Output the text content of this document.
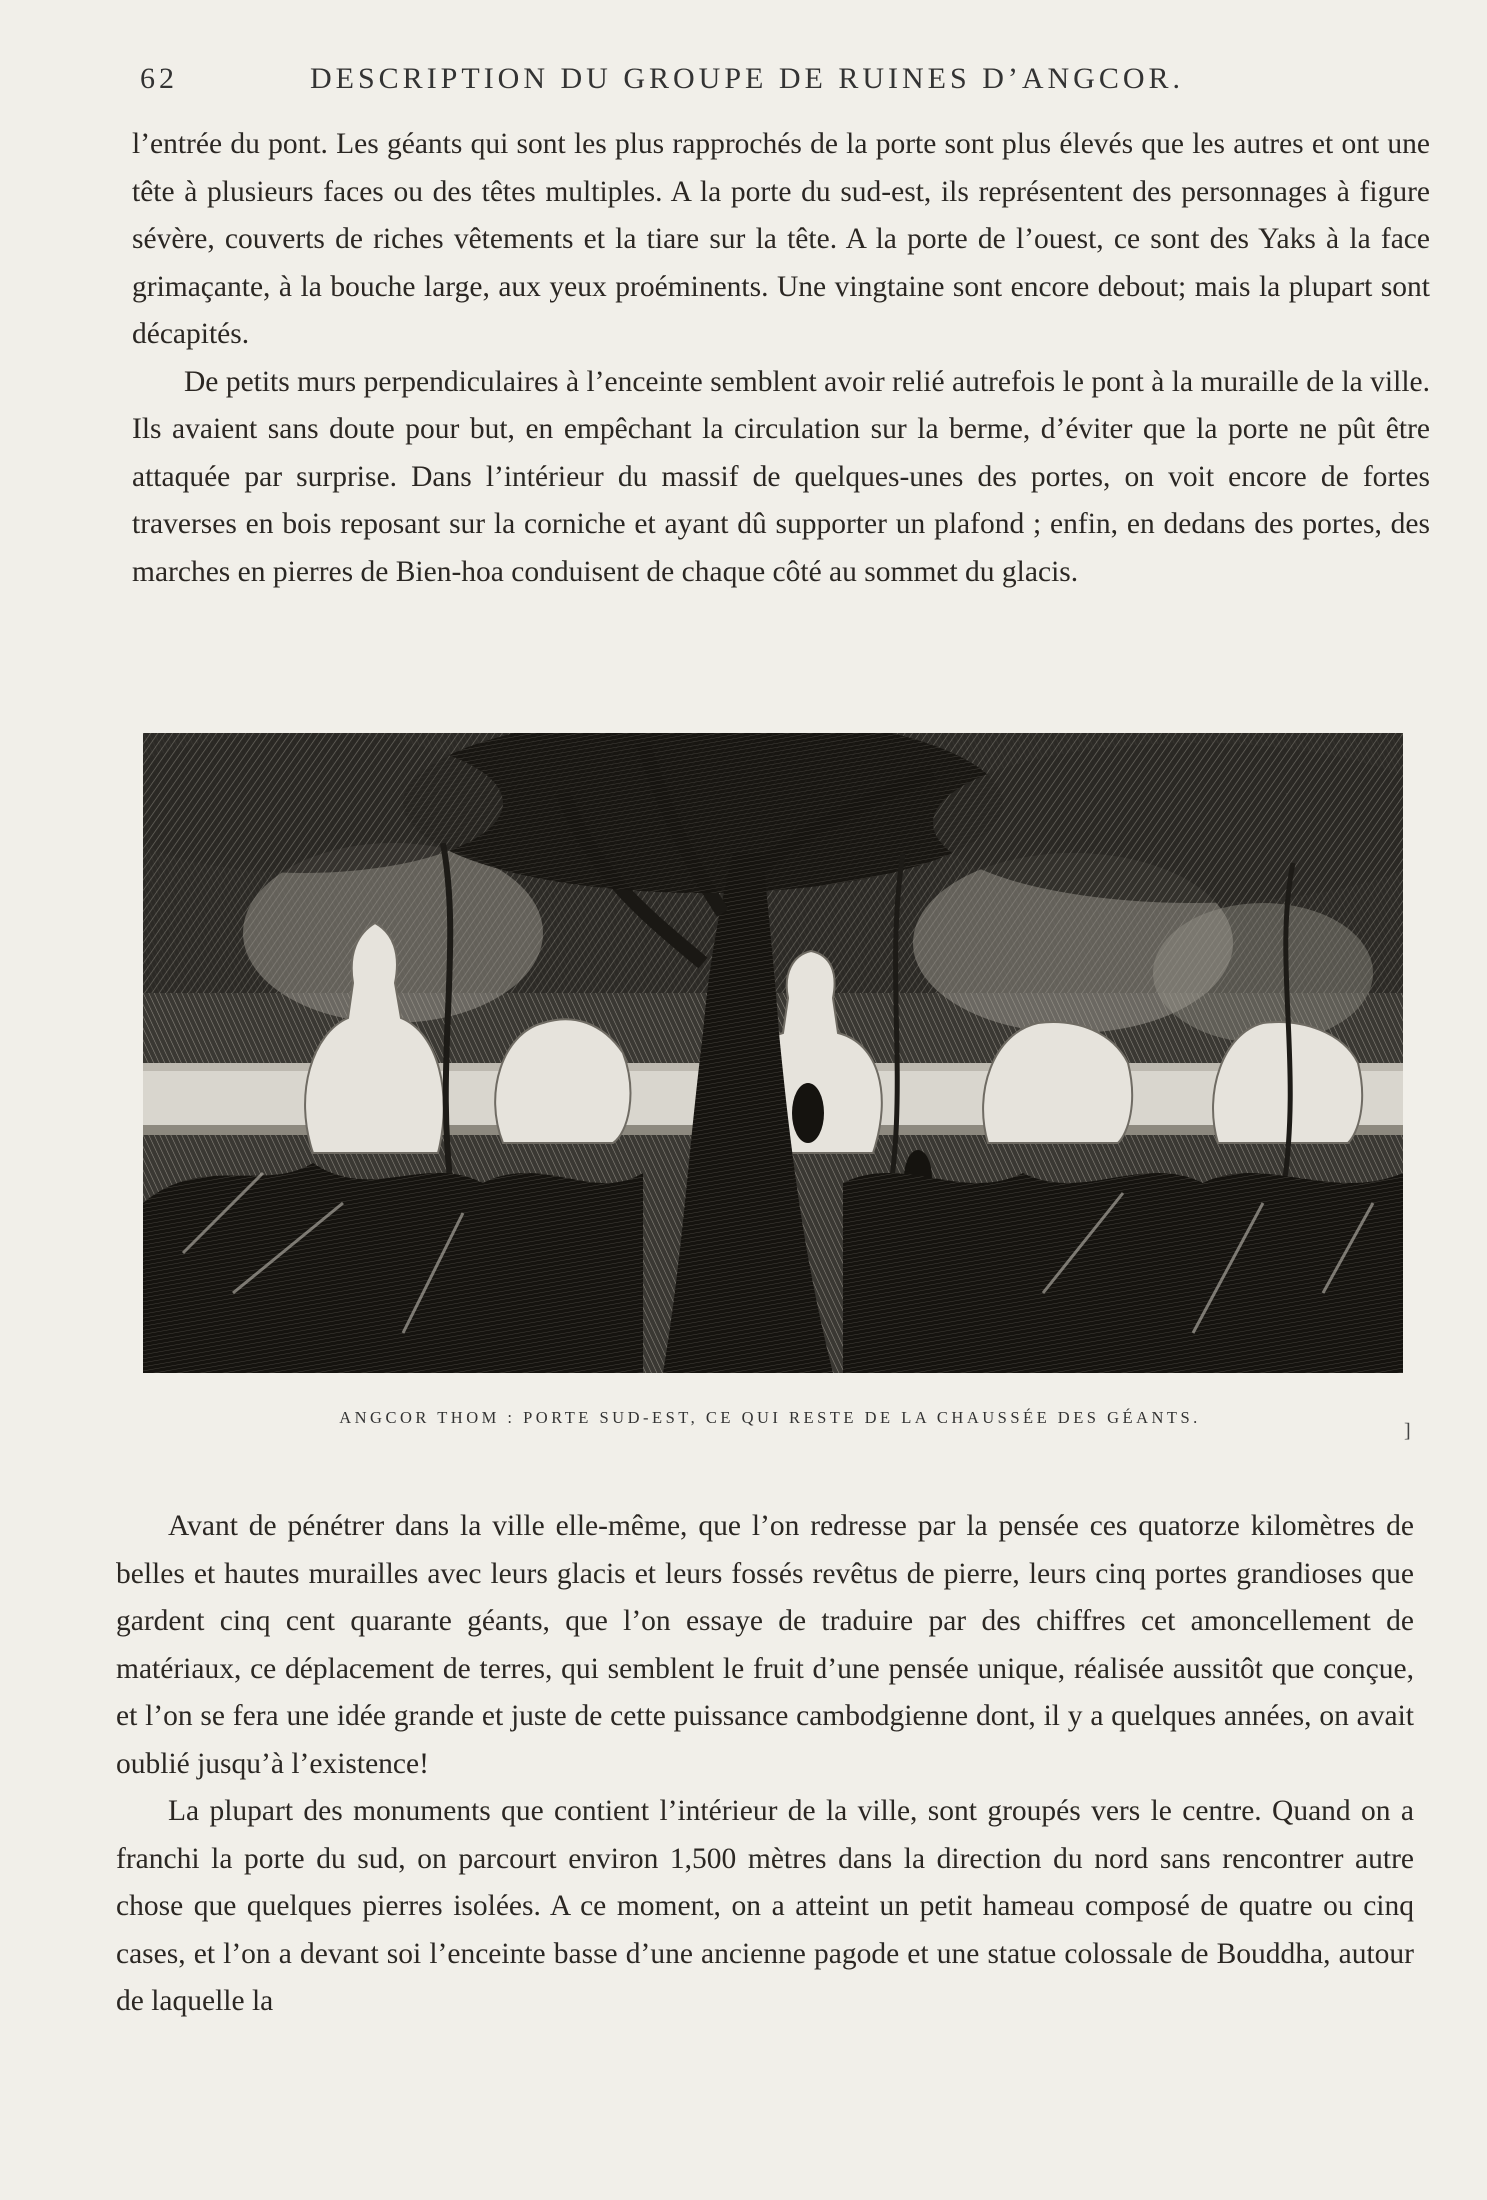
62	DESCRIPTION DU GROUPE DE RUINES D’ANGCOR.

l’entrée du pont. Les géants qui sont les plus rapprochés de la porte sont plus élevés que les autres et ont une tête à plusieurs faces ou des têtes multiples. A la porte du sud-est, ils représentent des personnages à figure sévère, couverts de riches vêtements et la tiare sur la tête. A la porte de l’ouest, ce sont des Yaks à la face grimaçante, à la bouche large, aux yeux proéminents. Une vingtaine sont encore debout; mais la plupart sont décapités.

De petits murs perpendiculaires à l’enceinte semblent avoir relié autrefois le pont à la muraille de la ville. Ils avaient sans doute pour but, en empêchant la circulation sur la berme, d’éviter que la porte ne pût être attaquée par surprise. Dans l’intérieur du massif de quelques-unes des portes, on voit encore de fortes traverses en bois reposant sur la corniche et ayant dû supporter un plafond ; enfin, en dedans des portes, des marches en pierres de Bien-hoa conduisent de chaque côté au sommet du glacis.

ANGCOR THOM : PORTE SUD-EST, CE QUI RESTE DE LA CHAUSSÉE DES GÉANTS.
]

Avant de pénétrer dans la ville elle-même, que l’on redresse par la pensée ces quatorze kilomètres de belles et hautes murailles avec leurs glacis et leurs fossés revêtus de pierre, leurs cinq portes grandioses que gardent cinq cent quarante géants, que l’on essaye de traduire par des chiffres cet amoncellement de matériaux, ce déplacement de terres, qui semblent le fruit d’une pensée unique, réalisée aussitôt que conçue, et l’on se fera une idée grande et juste de cette puissance cambodgienne dont, il y a quelques années, on avait oublié jusqu’à l’existence!

La plupart des monuments que contient l’intérieur de la ville, sont groupés vers le centre. Quand on a franchi la porte du sud, on parcourt environ 1,500 mètres dans la direction du nord sans rencontrer autre chose que quelques pierres isolées. A ce moment, on a atteint un petit hameau composé de quatre ou cinq cases, et l’on a devant soi l’enceinte basse d’une ancienne pagode et une statue colossale de Bouddha, autour de laquelle la
